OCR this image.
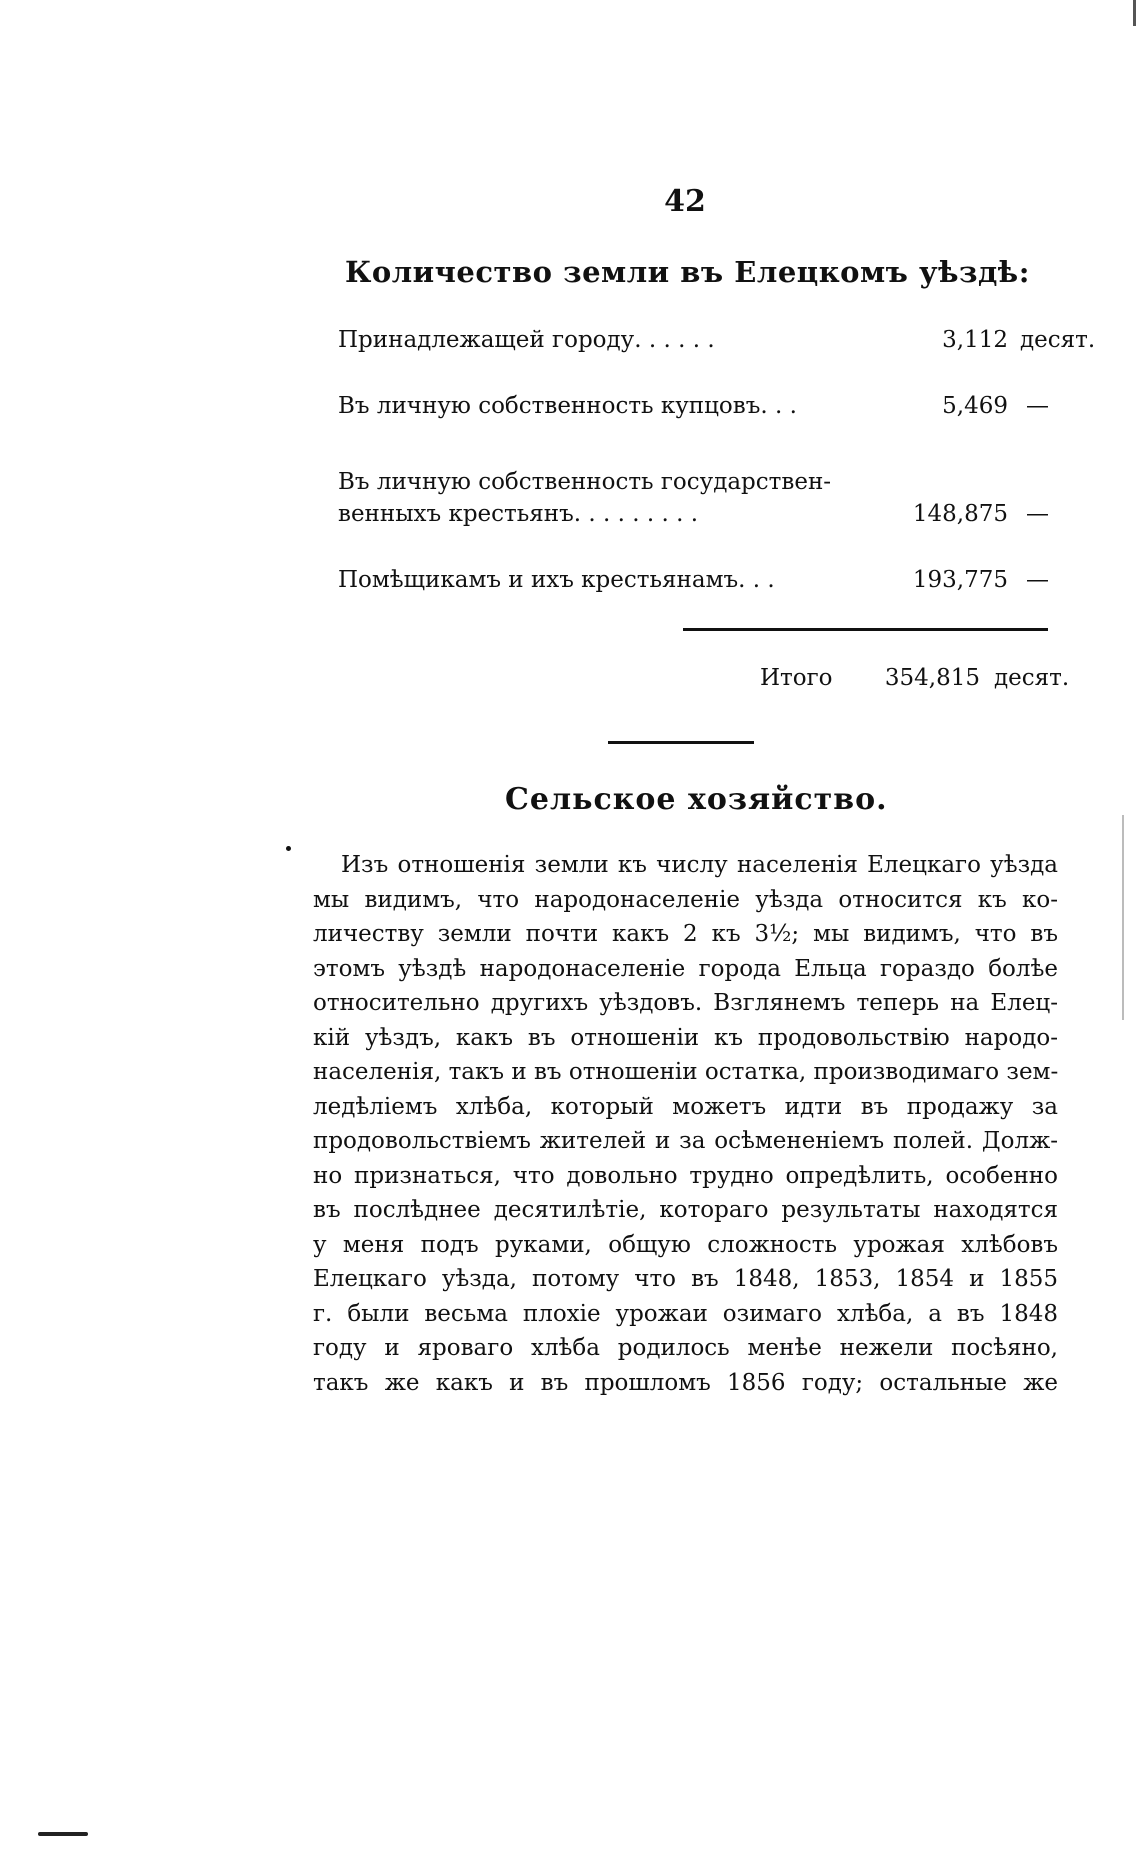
42
Количество земли въ Елецкомъ уѣздѣ:
Принадлежащей городу. . . . . .	3,112 десят.
Въ личную собственность купцовъ. . .	5,469 —
Въ личную собственность государствен-
венныхъ крестьянъ. . . . . . . . .	148,875 —
Помѣщикамъ и ихъ крестьянамъ. . .	193,775 —
Итого 354,815 десят.
Сельское хозяйство.
Изъ отношенія земли къ числу населенія Елецкаго уѣзда
мы видимъ, что народонаселеніе уѣзда относится къ ко-
личеству земли почти какъ 2 къ 3½; мы видимъ, что въ
этомъ уѣздѣ народонаселеніе города Ельца гораздо болѣе
относительно другихъ уѣздовъ. Взглянемъ теперь на Елец-
кій уѣздъ, какъ въ отношеніи къ продовольствію народо-
населенія, такъ и въ отношеніи остатка, производимаго зем-
ледѣліемъ хлѣба, который можетъ идти въ продажу за
продовольствіемъ жителей и за осѣмененіемъ полей. Долж-
но признаться, что довольно трудно опредѣлить, особенно
въ послѣднее десятилѣтіе, котораго результаты находятся
у меня подъ руками, общую сложность урожая хлѣбовъ
Елецкаго уѣзда, потому что въ 1848, 1853, 1854 и 1855
г. были весьма плохіе урожаи озимаго хлѣба, а въ 1848
году и яроваго хлѣба родилось менѣе нежели посѣяно,
такъ же какъ и въ прошломъ 1856 году; остальные же
